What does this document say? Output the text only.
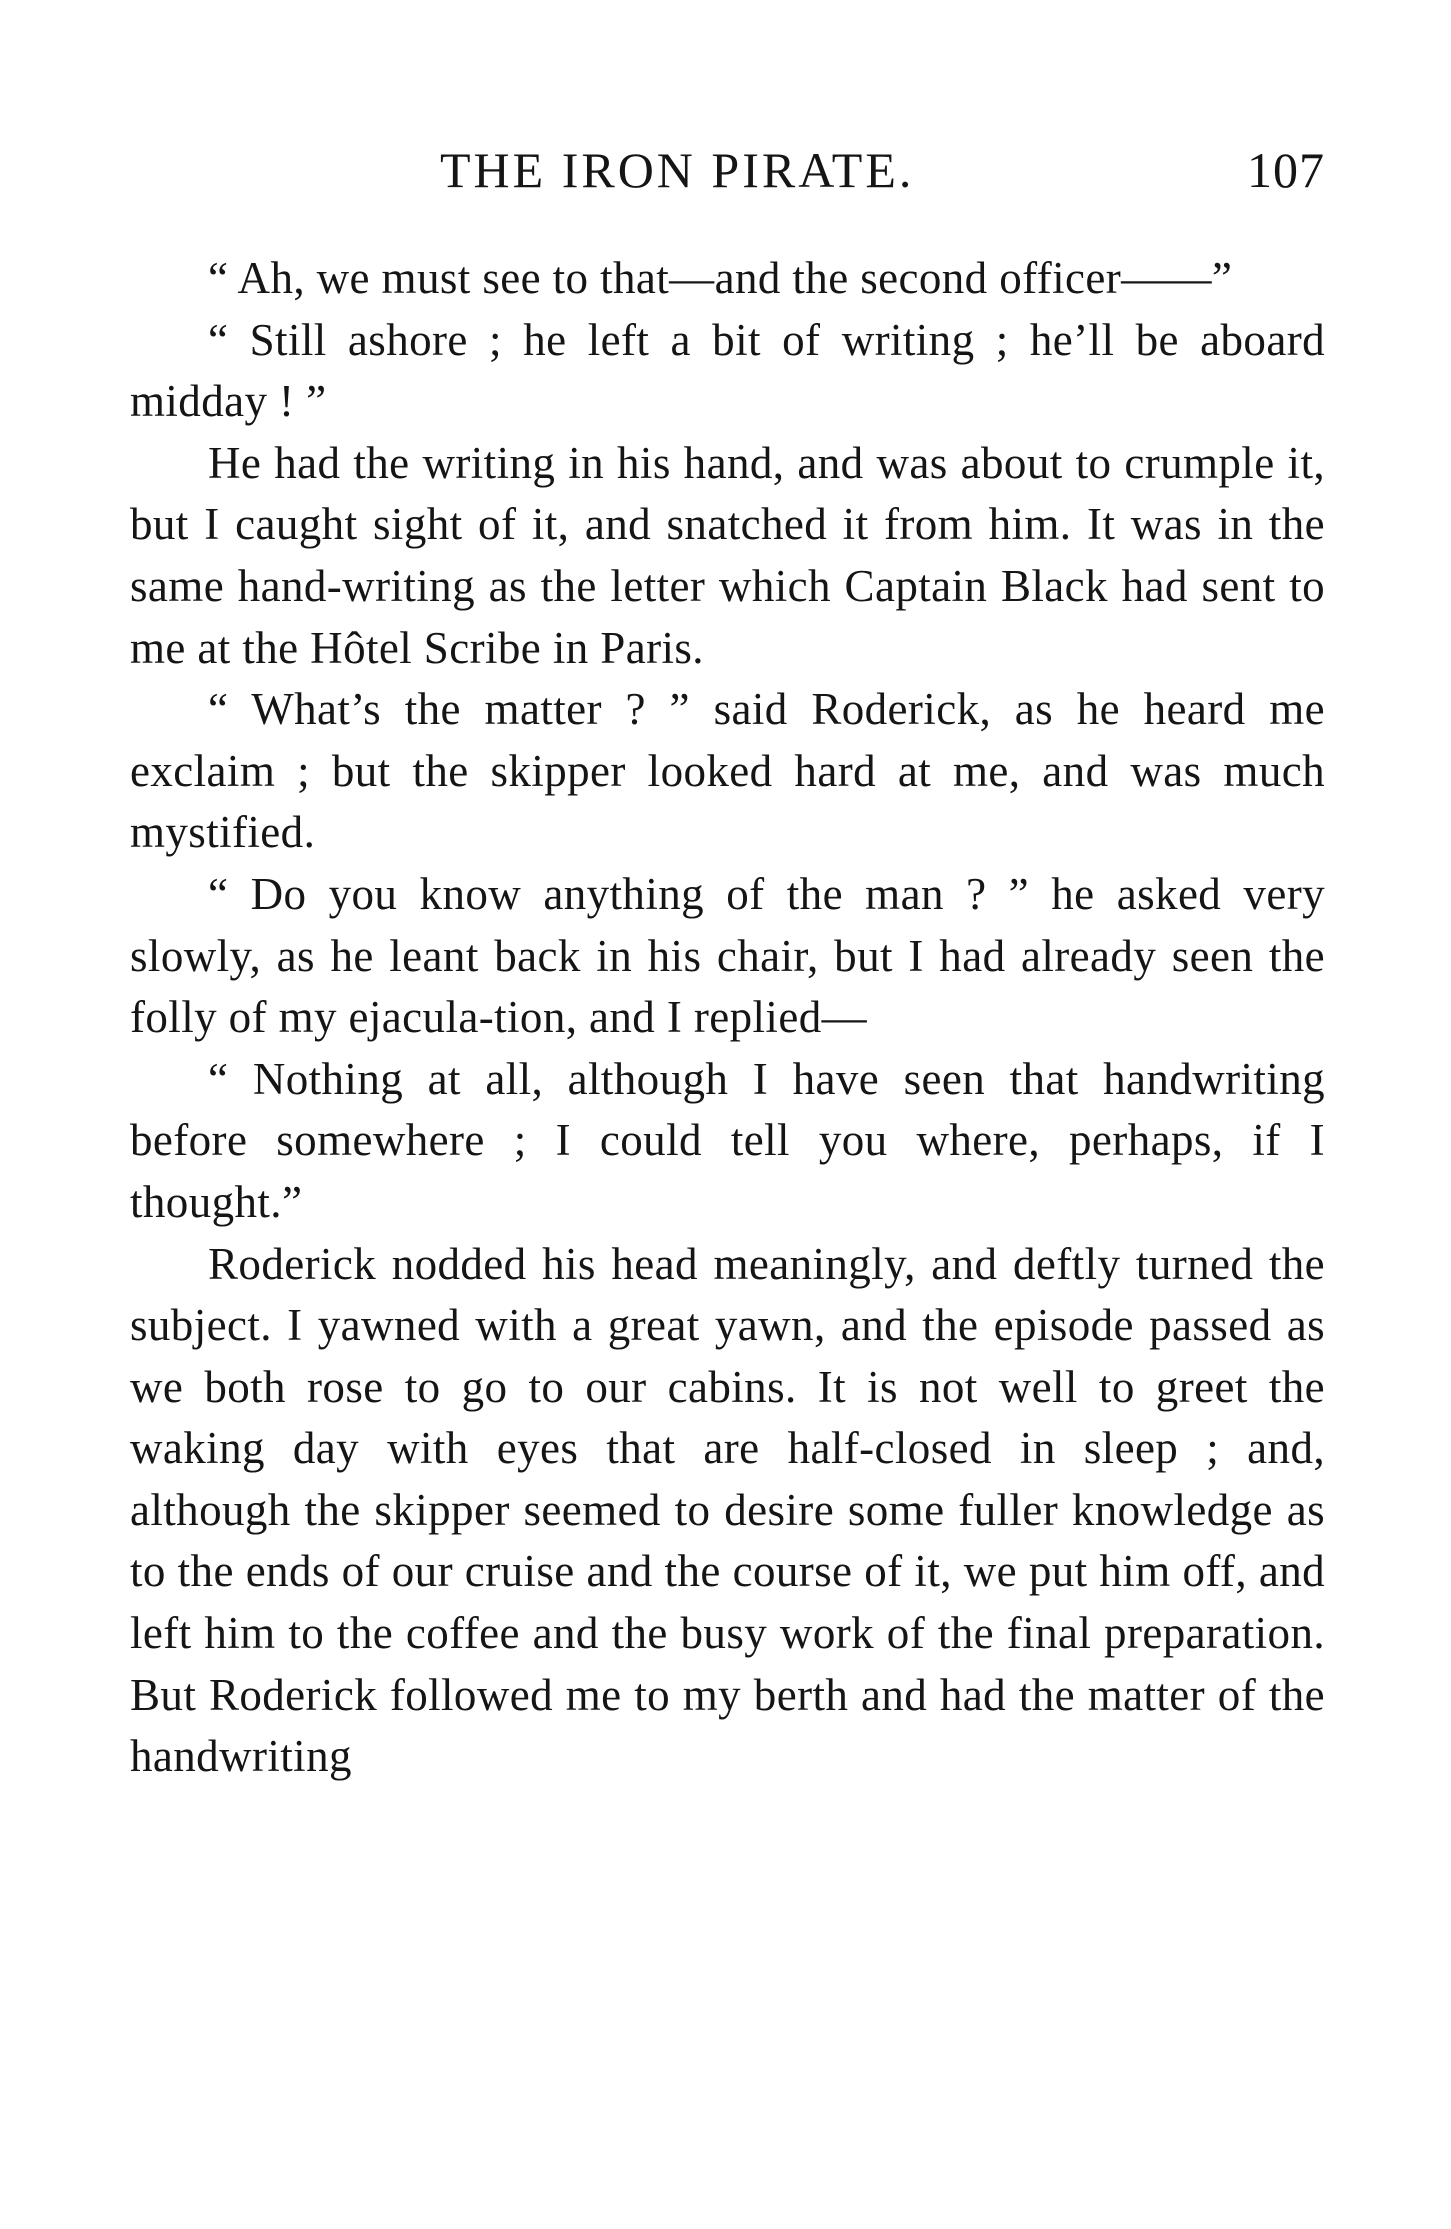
THE IRON PIRATE.	107

“ Ah, we must see to that—and the second officer——”

“ Still ashore ; he left a bit of writing ; he’ll be aboard midday ! ”

He had the writing in his hand, and was about to crumple it, but I caught sight of it, and snatched it from him. It was in the same hand-writing as the letter which Captain Black had sent to me at the Hôtel Scribe in Paris.

“ What’s the matter ? ” said Roderick, as he heard me exclaim ; but the skipper looked hard at me, and was much mystified.

“ Do you know anything of the man ? ” he asked very slowly, as he leant back in his chair, but I had already seen the folly of my ejacula-tion, and I replied—

“ Nothing at all, although I have seen that handwriting before somewhere ; I could tell you where, perhaps, if I thought.”

Roderick nodded his head meaningly, and deftly turned the subject. I yawned with a great yawn, and the episode passed as we both rose to go to our cabins. It is not well to greet the waking day with eyes that are half-closed in sleep ; and, although the skipper seemed to desire some fuller knowledge as to the ends of our cruise and the course of it, we put him off, and left him to the coffee and the busy work of the final preparation. But Roderick followed me to my berth and had the matter of the handwriting
